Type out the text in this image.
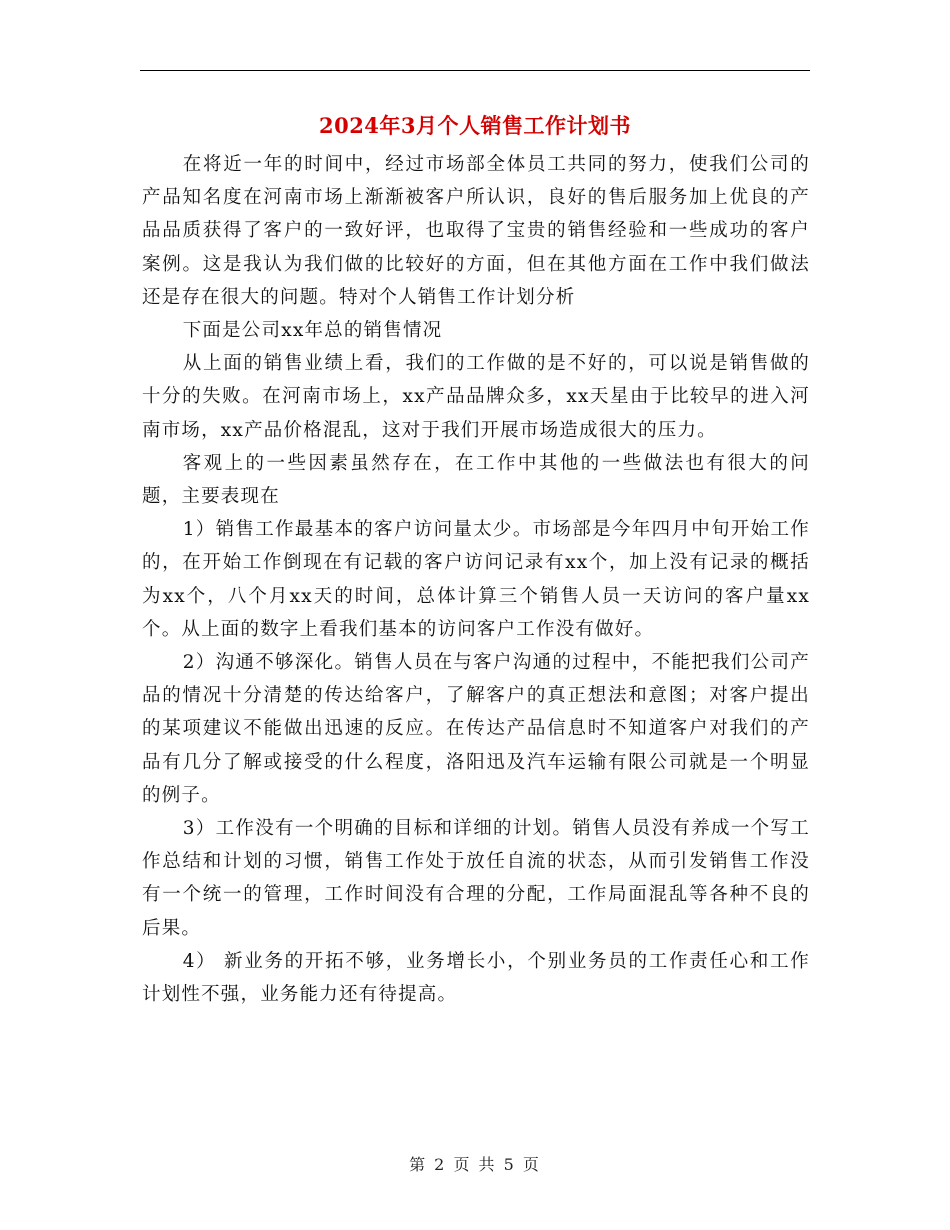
2024年3月个人销售工作计划书

在将近一年的时间中，经过市场部全体员工共同的努力，使我们公司的产品知名度在河南市场上渐渐被客户所认识，良好的售后服务加上优良的产品品质获得了客户的一致好评，也取得了宝贵的销售经验和一些成功的客户案例。这是我认为我们做的比较好的方面，但在其他方面在工作中我们做法还是存在很大的问题。特对个人销售工作计划分析

下面是公司xx年总的销售情况

从上面的销售业绩上看，我们的工作做的是不好的，可以说是销售做的十分的失败。在河南市场上，xx产品品牌众多，xx天星由于比较早的进入河南市场，xx产品价格混乱，这对于我们开展市场造成很大的压力。

客观上的一些因素虽然存在，在工作中其他的一些做法也有很大的问题，主要表现在

1）销售工作最基本的客户访问量太少。市场部是今年四月中旬开始工作的，在开始工作倒现在有记载的客户访问记录有xx个，加上没有记录的概括为xx个，八个月xx天的时间，总体计算三个销售人员一天访问的客户量xx个。从上面的数字上看我们基本的访问客户工作没有做好。

2）沟通不够深化。销售人员在与客户沟通的过程中，不能把我们公司产品的情况十分清楚的传达给客户，了解客户的真正想法和意图；对客户提出的某项建议不能做出迅速的反应。在传达产品信息时不知道客户对我们的产品有几分了解或接受的什么程度，洛阳迅及汽车运输有限公司就是一个明显的例子。

3）工作没有一个明确的目标和详细的计划。销售人员没有养成一个写工作总结和计划的习惯，销售工作处于放任自流的状态，从而引发销售工作没有一个统一的管理，工作时间没有合理的分配，工作局面混乱等各种不良的后果。

4） 新业务的开拓不够，业务增长小，个别业务员的工作责任心和工作计划性不强，业务能力还有待提高。

第 2 页 共 5 页
